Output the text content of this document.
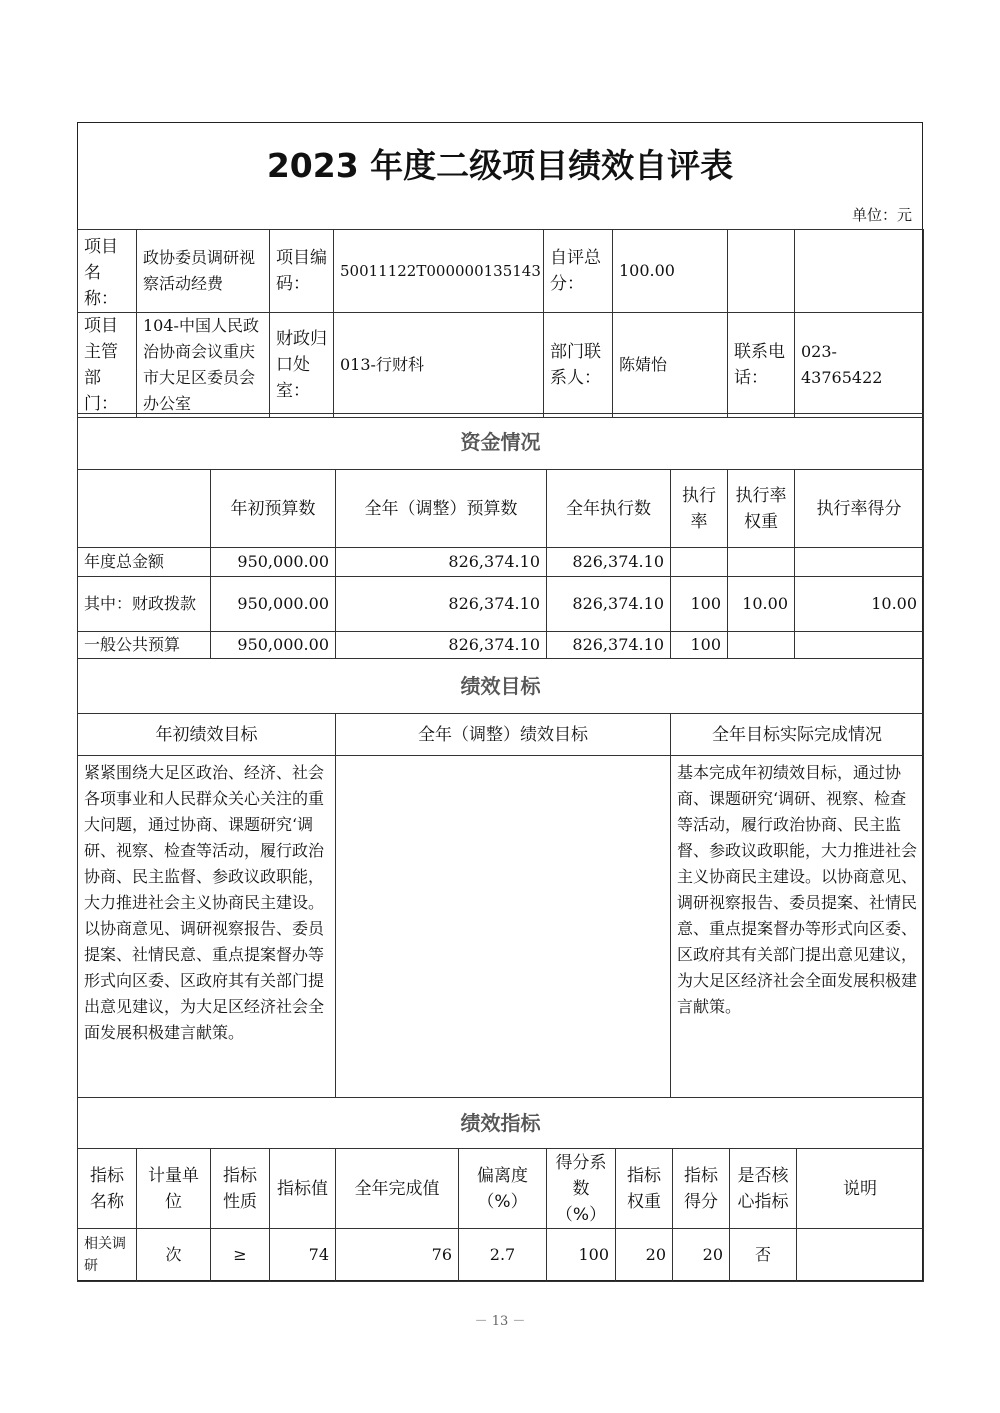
2023 年度二级项目绩效自评表
单位：元
项目名称：	政协委员调研视察活动经费	项目编码：	50011122T000000135143	自评总分：	100.00		
项目主管部门：	104-中国人民政治协商会议重庆市大足区委员会办公室	财政归口处室：	013-行财科	部门联系人：	陈婧怡	联系电话：	023-43765422
资金情况						
	年初预算数	全年（调整）预算数	全年执行数	执行率	执行率权重	执行率得分
年度总金额	950,000.00	826,374.10	826,374.10			
其中：财政拨款	950,000.00	826,374.10	826,374.10	100	10.00	10.00
一般公共预算	950,000.00	826,374.10	826,374.10	100		
绩效目标		
年初绩效目标	全年（调整）绩效目标	全年目标实际完成情况
紧紧围绕大足区政治、经济、社会各项事业和人民群众关心关注的重大问题，通过协商、课题研究‘调研、视察、检查等活动，履行政治协商、民主监督、参政议政职能，大力推进社会主义协商民主建设。以协商意见、调研视察报告、委员提案、社情民意、重点提案督办等形式向区委、区政府其有关部门提出意见建议，为大足区经济社会全面发展积极建言献策。		基本完成年初绩效目标，通过协商、课题研究‘调研、视察、检查等活动，履行政治协商、民主监督、参政议政职能，大力推进社会主义协商民主建设。以协商意见、调研视察报告、委员提案、社情民意、重点提案督办等形式向区委、区政府其有关部门提出意见建议，为大足区经济社会全面发展积极建言献策。
绩效指标										
指标名称	计量单位	指标性质	指标值	全年完成值	偏离度（%）	得分系数（%）	指标权重	指标得分	是否核心指标	说明
相关调研	次	≥	74	76	2.7	100	20	20	否	
－ 13 －
